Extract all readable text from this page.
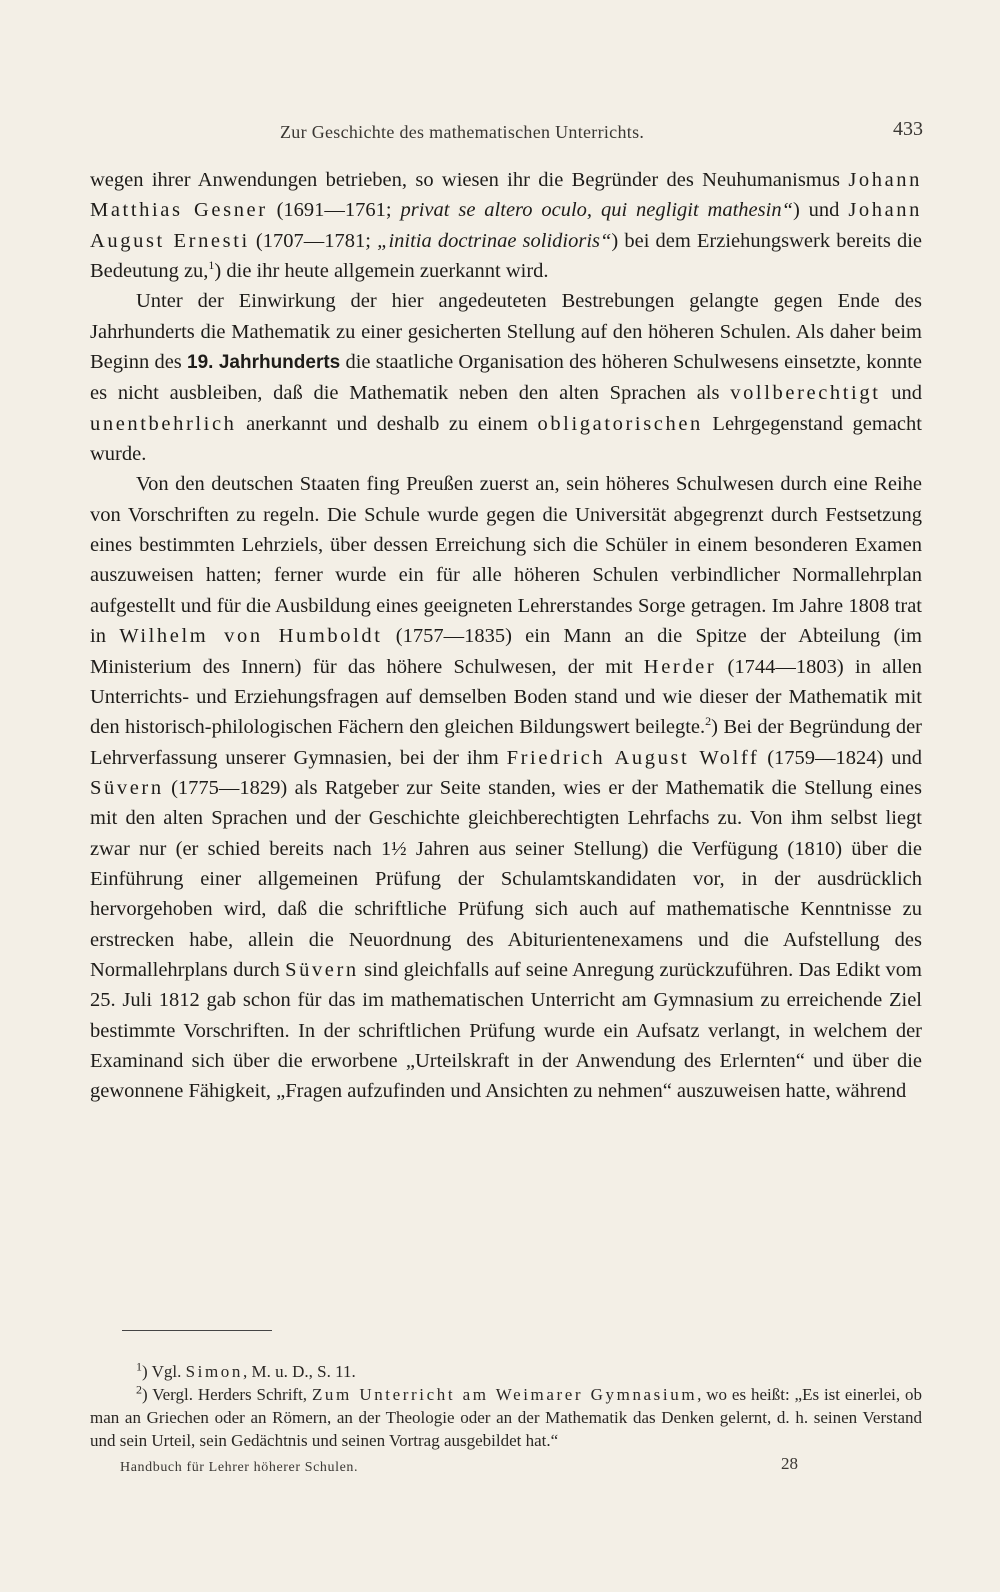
Zur Geschichte des mathematischen Unterrichts.	433

wegen ihrer Anwendungen betrieben, so wiesen ihr die Begründer des Neuhumanismus Johann Matthias Gesner (1691—1761; privat se altero oculo, qui negligit mathesin“) und Johann August Ernesti (1707—1781; „initia doctrinae solidioris“) bei dem Erziehungswerk bereits die Bedeutung zu,$^1$) die ihr heute allgemein zuerkannt wird.

Unter der Einwirkung der hier angedeuteten Bestrebungen gelangte gegen Ende des Jahrhunderts die Mathematik zu einer gesicherten Stellung auf den höheren Schulen. Als daher beim Beginn des 19. Jahrhunderts die staatliche Organisation des höheren Schulwesens einsetzte, konnte es nicht ausbleiben, daß die Mathematik neben den alten Sprachen als vollberechtigt und unentbehrlich anerkannt und deshalb zu einem obligatorischen Lehrgegenstand gemacht wurde.

Von den deutschen Staaten fing Preußen zuerst an, sein höheres Schulwesen durch eine Reihe von Vorschriften zu regeln. Die Schule wurde gegen die Universität abgegrenzt durch Festsetzung eines bestimmten Lehrziels, über dessen Erreichung sich die Schüler in einem besonderen Examen auszuweisen hatten; ferner wurde ein für alle höheren Schulen verbindlicher Normallehrplan aufgestellt und für die Ausbildung eines geeigneten Lehrerstandes Sorge getragen. Im Jahre 1808 trat in Wilhelm von Humboldt (1757—1835) ein Mann an die Spitze der Abteilung (im Ministerium des Innern) für das höhere Schulwesen, der mit Herder (1744—1803) in allen Unterrichts- und Erziehungsfragen auf demselben Boden stand und wie dieser der Mathematik mit den historisch-philologischen Fächern den gleichen Bildungswert beilegte.$^2$) Bei der Begründung der Lehrverfassung unserer Gymnasien, bei der ihm Friedrich August Wolff (1759—1824) und Süvern (1775—1829) als Ratgeber zur Seite standen, wies er der Mathematik die Stellung eines mit den alten Sprachen und der Geschichte gleichberechtigten Lehrfachs zu. Von ihm selbst liegt zwar nur (er schied bereits nach 1½ Jahren aus seiner Stellung) die Verfügung (1810) über die Einführung einer allgemeinen Prüfung der Schulamtskandidaten vor, in der ausdrücklich hervorgehoben wird, daß die schriftliche Prüfung sich auch auf mathematische Kenntnisse zu erstrecken habe, allein die Neuordnung des Abiturientenexamens und die Aufstellung des Normallehrplans durch Süvern sind gleichfalls auf seine Anregung zurückzuführen. Das Edikt vom 25. Juli 1812 gab schon für das im mathematischen Unterricht am Gymnasium zu erreichende Ziel bestimmte Vorschriften. In der schriftlichen Prüfung wurde ein Aufsatz verlangt, in welchem der Examinand sich über die erworbene „Urteilskraft in der Anwendung des Erlernten“ und über die gewonnene Fähigkeit, „Fragen aufzufinden und Ansichten zu nehmen“ auszuweisen hatte, während

$^1$) Vgl. Simon, M. u. D., S. 11.

$^2$) Vergl. Herders Schrift, Zum Unterricht am Weimarer Gymnasium, wo es heißt: „Es ist einerlei, ob man an Griechen oder an Römern, an der Theologie oder an der Mathematik das Denken gelernt, d. h. seinen Verstand und sein Urteil, sein Gedächtnis und seinen Vortrag ausgebildet hat.“

Handbuch für Lehrer höherer Schulen.	28
